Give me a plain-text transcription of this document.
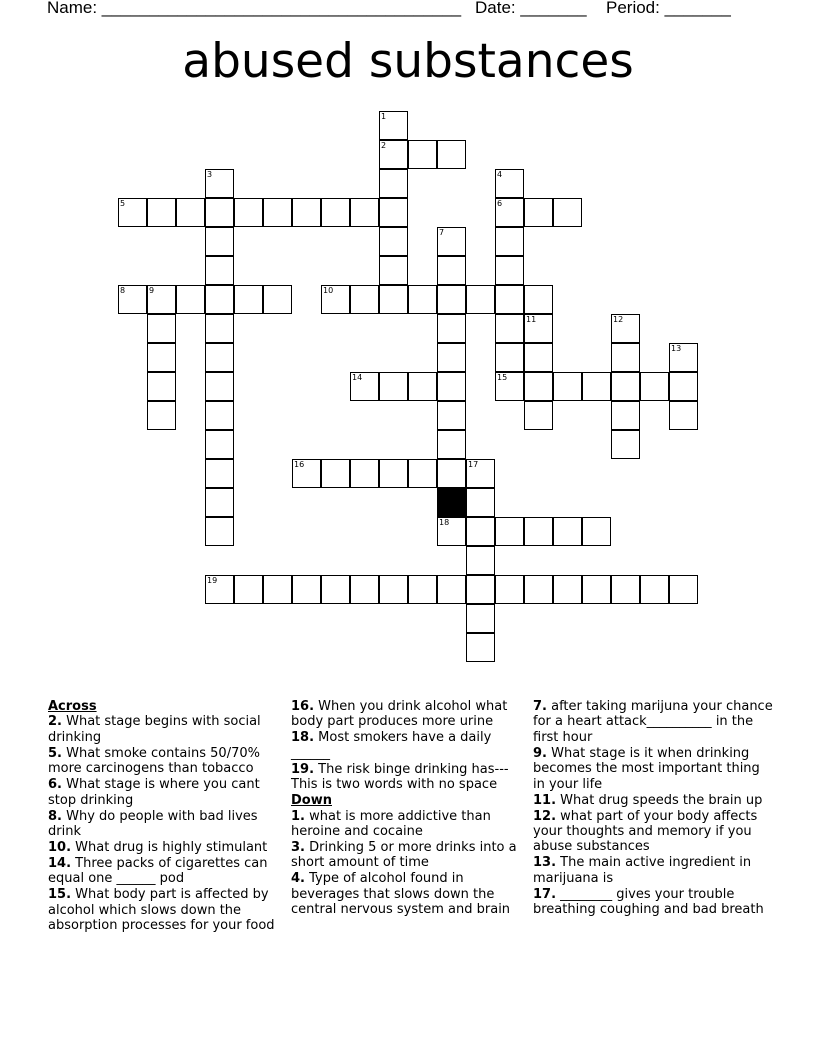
Name: ______________________________________ Date: _______ Period: _______
abused substances
1
2
3	4
5	6
7
8	9	10
11	12
13
14	15
16	17
18
19
Across
2. What stage begins with social drinking
5. What smoke contains 50/70% more carcinogens than tobacco
6. What stage is where you cant stop drinking
8. Why do people with bad lives drink
10. What drug is highly stimulant
14. Three packs of cigarettes can equal one ______ pod
15. What body part is affected by alcohol which slows down the absorption processes for your food
16. When you drink alcohol what body part produces more urine
18. Most smokers have a daily ______
19. The risk binge drinking has---This is two words with no space
Down
1. what is more addictive than heroine and cocaine
3. Drinking 5 or more drinks into a short amount of time
4. Type of alcohol found in beverages that slows down the central nervous system and brain
7. after taking marijuna your chance for a heart attack__________ in the first hour
9. What stage is it when drinking becomes the most important thing in your life
11. What drug speeds the brain up
12. what part of your body affects your thoughts and memory if you abuse substances
13. The main active ingredient in marijuana is
17. ________ gives your trouble breathing coughing and bad breath
